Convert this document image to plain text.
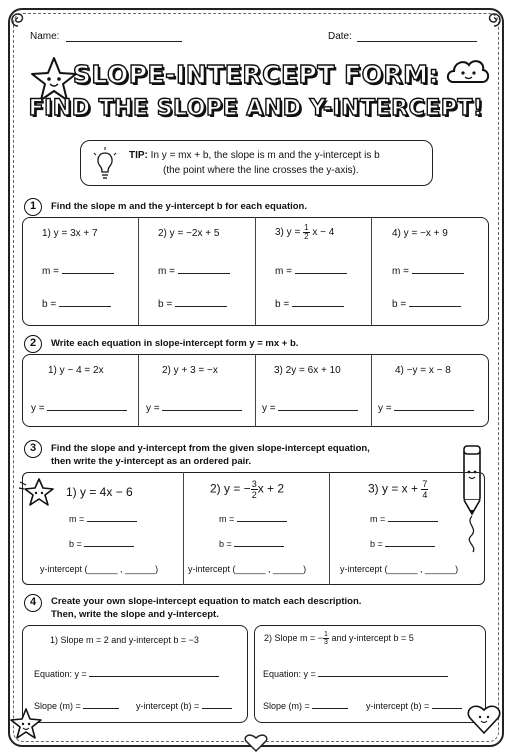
Name:	Date:
SLOPE-INTERCEPT FORM:
FIND THE SLOPE AND Y-INTERCEPT!
TIP: In y = mx + b, the slope is m and the y-intercept is b
(the point where the line crosses the y-axis).
1	Find the slope m and the y-intercept b for each equation.
1) y = 3x + 7	2) y = −2x + 5	3) $y = \frac{1}{2}$ x − 4	4) y = −x + 9
m =	m =	m =	m =
b =	b =	b =	b =
2	Write each equation in slope-intercept form y = mx + b.
1) y − 4 = 2x	2) y + 3 = −x	3) 2y = 6x + 10	4) −y = x − 8
y =	y =	y =	y =
3	Find the slope and y-intercept from the given slope-intercept equation,
then write the y-intercept as an ordered pair.
1) y = 4x − 6	2) y = − $\frac{3}{2}$ x + 2	3) $y = x + \frac{7}{4}$
m =	m =	m =
b =	b =	b =
y-intercept (______ , ______)	y-intercept (______ , ______)	y-intercept (______ , ______)
4	Create your own slope-intercept equation to match each description.
Then, write the slope and y-intercept.
1) Slope m = 2 and y-intercept b = −3	2) Slope m = − $\frac{1}{3}$ and y-intercept b = 5
Equation: y =	Equation: y =
Slope (m) =	y-intercept (b) =	Slope (m) =	y-intercept (b) =
